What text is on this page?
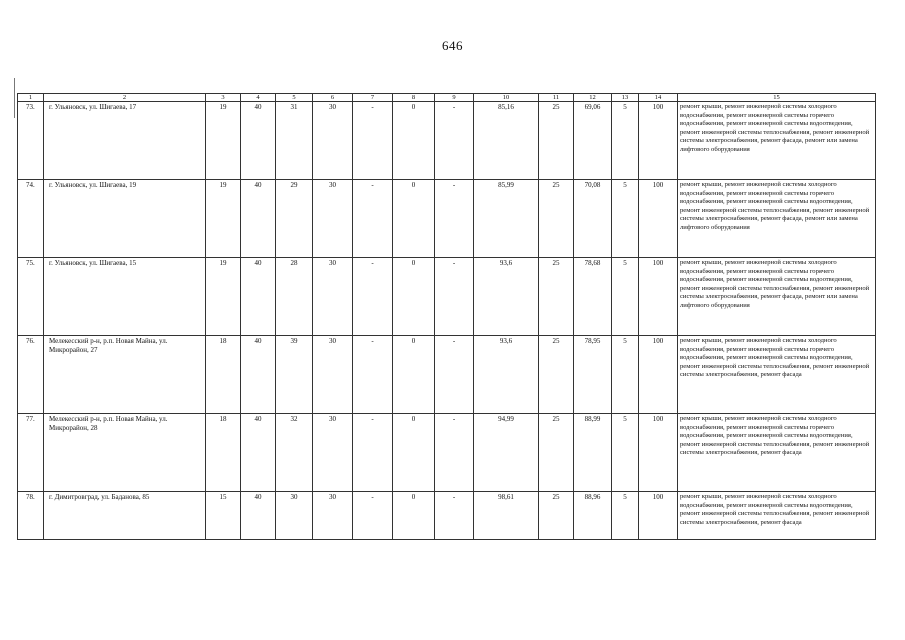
646
1	2	3	4	5	6	7	8	9	10	11	12	13	14	15
73.	г. Ульяновск, ул. Шигаева, 17	19	40	31	30	-	0	-	85,16	25	69,06	5	100	ремонт крыши, ремонт инженерной системы холодного водоснабжения, ремонт инженерной системы горячего водоснабжения, ремонт инженерной системы водоотведения, ремонт инженерной системы теплоснабжения, ремонт инженерной системы электроснабжения, ремонт фасада, ремонт или замена лифтового оборудования
74.	г. Ульяновск, ул. Шигаева, 19	19	40	29	30	-	0	-	85,99	25	70,08	5	100	ремонт крыши, ремонт инженерной системы холодного водоснабжения, ремонт инженерной системы горячего водоснабжения, ремонт инженерной системы водоотведения, ремонт инженерной системы теплоснабжения, ремонт инженерной системы электроснабжения, ремонт фасада, ремонт или замена лифтового оборудования
75.	г. Ульяновск, ул. Шигаева, 15	19	40	28	30	-	0	-	93,6	25	78,68	5	100	ремонт крыши, ремонт инженерной системы холодного водоснабжения, ремонт инженерной системы горячего водоснабжения, ремонт инженерной системы водоотведения, ремонт инженерной системы теплоснабжения, ремонт инженерной системы электроснабжения, ремонт фасада, ремонт или замена лифтового оборудования
76.	Мелекесский р-н, р.п. Новая Майна, ул. Микрорайон, 27	18	40	39	30	-	0	-	93,6	25	78,95	5	100	ремонт крыши, ремонт инженерной системы холодного водоснабжения, ремонт инженерной системы горячего водоснабжения, ремонт инженерной системы водоотведения, ремонт инженерной системы теплоснабжения, ремонт инженерной системы электроснабжения, ремонт фасада
77.	Мелекесский р-н, р.п. Новая Майна, ул. Микрорайон, 28	18	40	32	30	-	0	-	94,99	25	88,99	5	100	ремонт крыши, ремонт инженерной системы холодного водоснабжения, ремонт инженерной системы горячего водоснабжения, ремонт инженерной системы водоотведения, ремонт инженерной системы теплоснабжения, ремонт инженерной системы электроснабжения, ремонт фасада
78.	г. Димитровград, ул. Баданова, 85	15	40	30	30	-	0	-	98,61	25	88,96	5	100	ремонт крыши, ремонт инженерной системы холодного водоснабжения, ремонт инженерной системы водоотведения, ремонт инженерной системы теплоснабжения, ремонт инженерной системы электроснабжения, ремонт фасада
